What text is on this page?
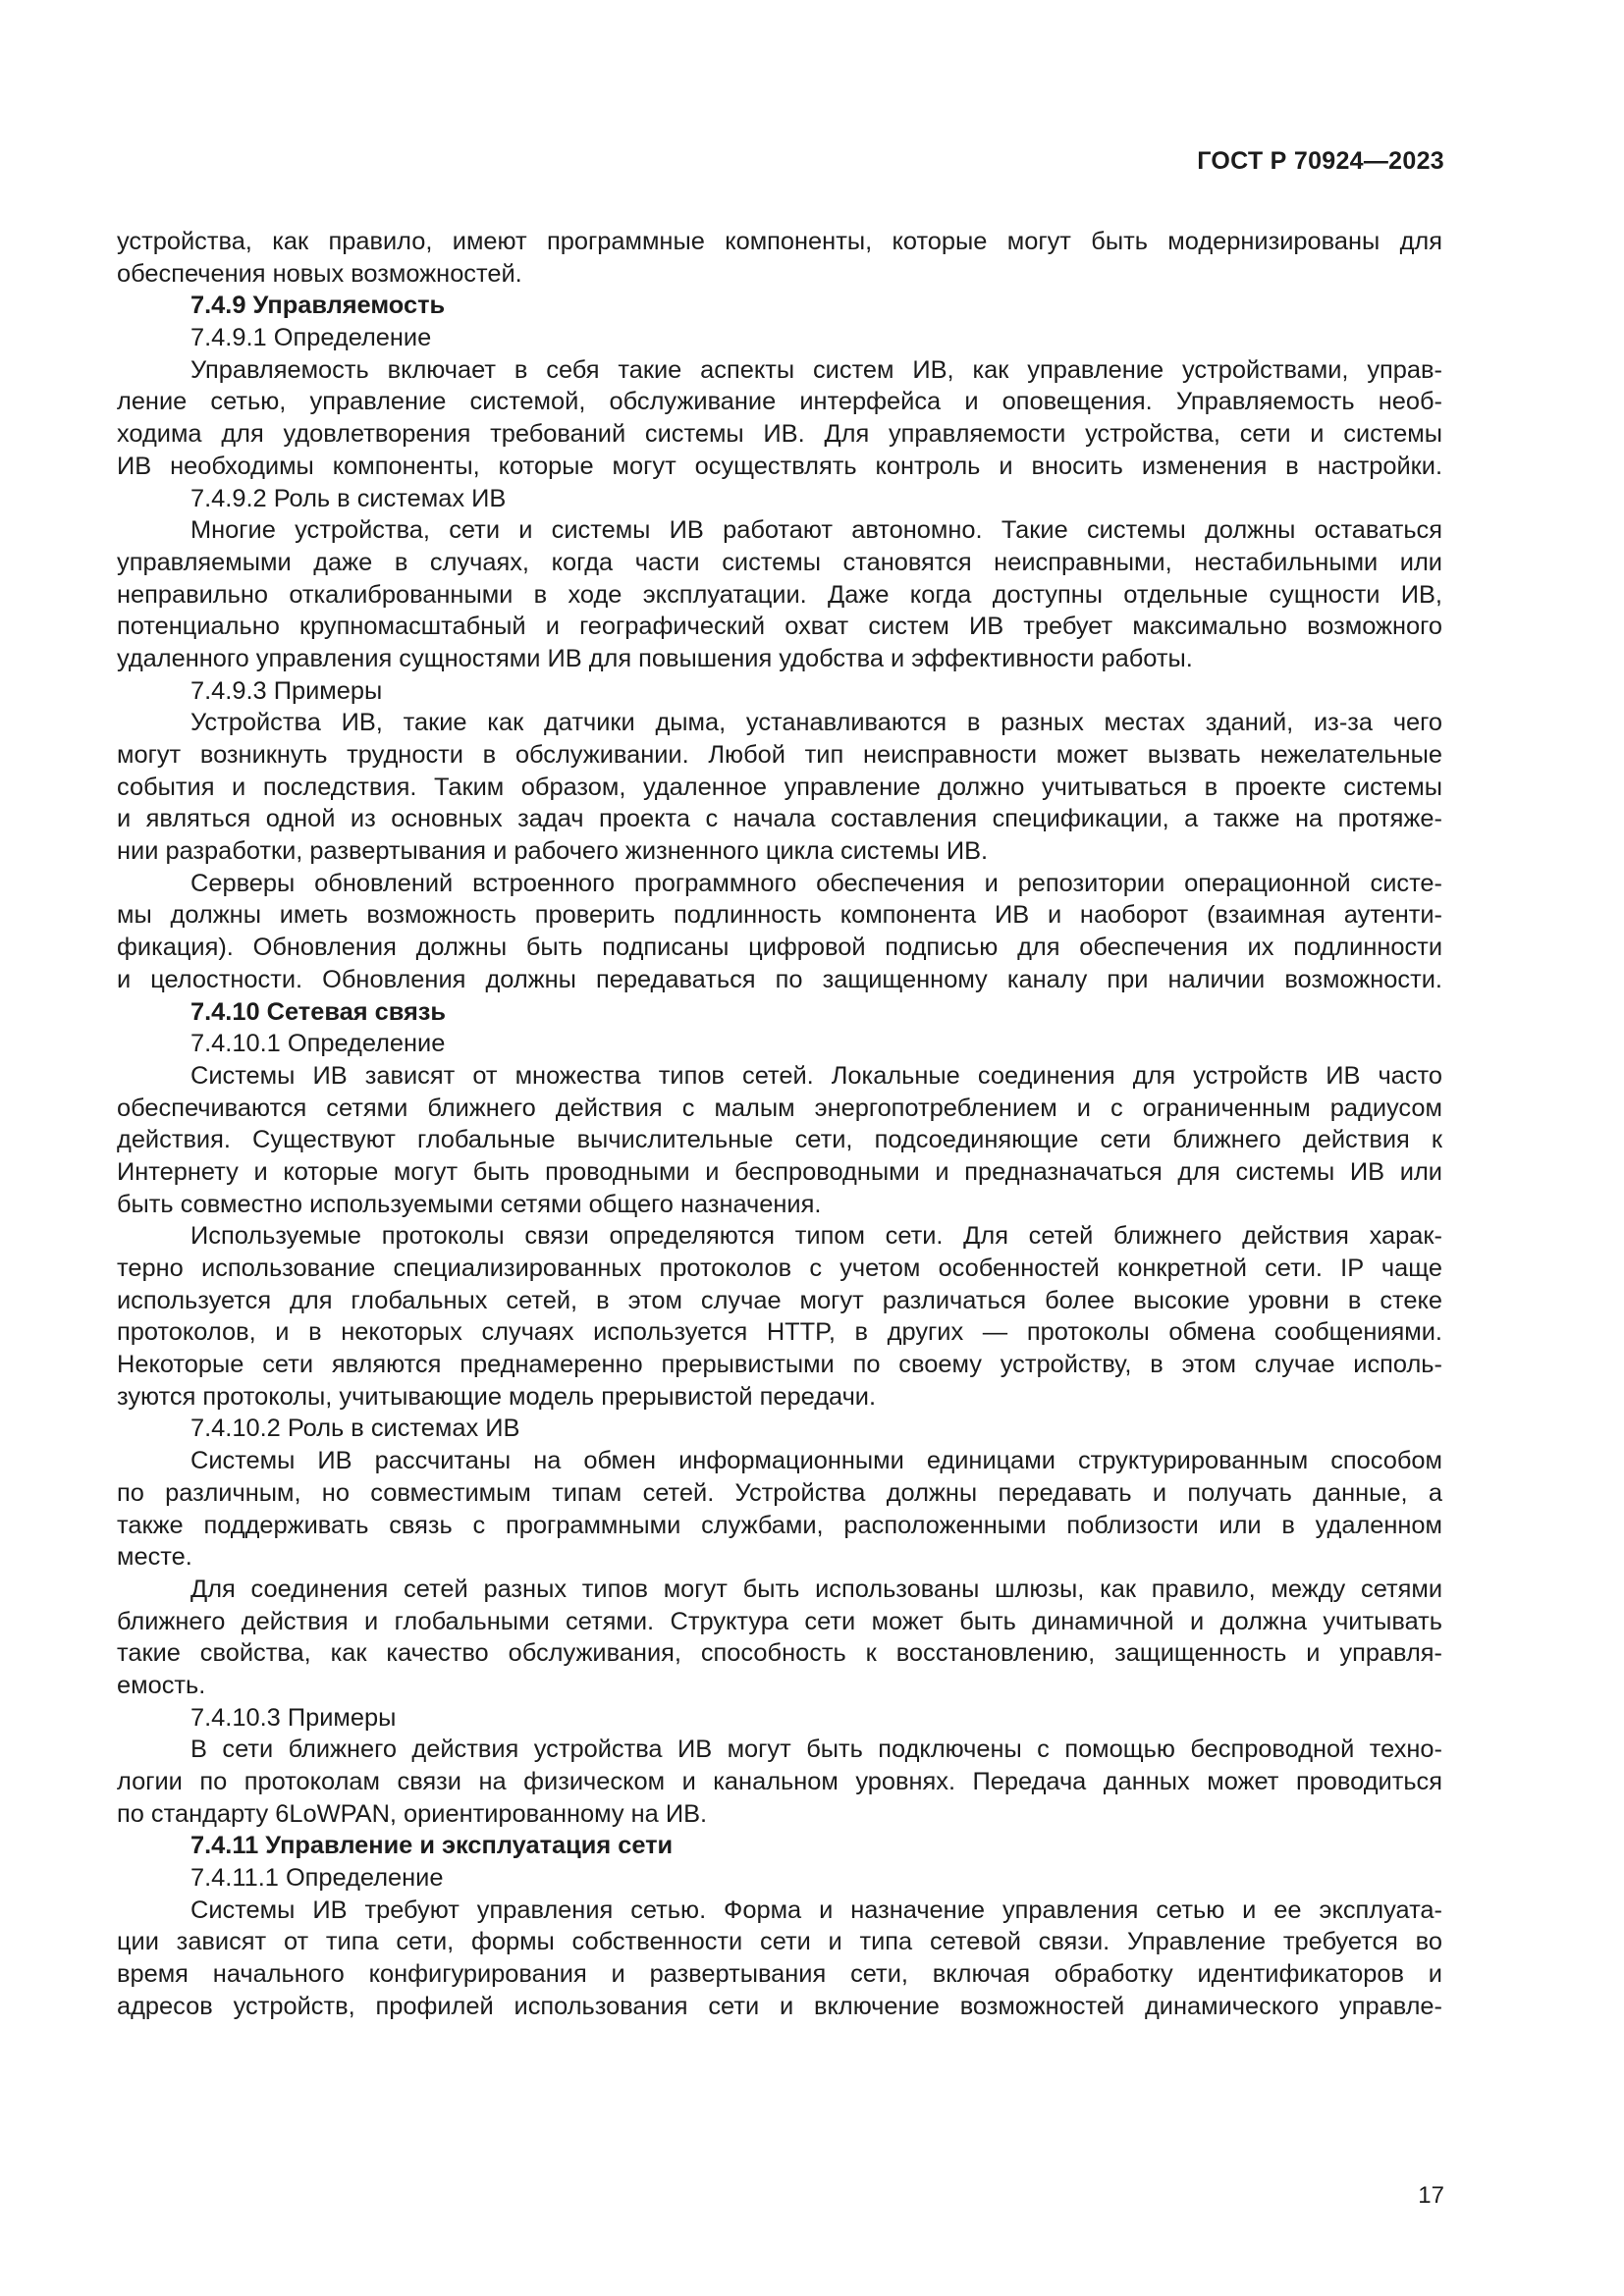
ГОСТ Р 70924—2023
устройства, как правило, имеют программные компоненты, которые могут быть модернизированы для
обеспечения новых возможностей.
7.4.9 Управляемость
7.4.9.1 Определение
Управляемость включает в себя такие аспекты систем ИВ, как управление устройствами, управ-
ление сетью, управление системой, обслуживание интерфейса и оповещения. Управляемость необ-
ходима для удовлетворения требований системы ИВ. Для управляемости устройства, сети и системы
ИВ необходимы компоненты, которые могут осуществлять контроль и вносить изменения в настройки.
7.4.9.2 Роль в системах ИВ
Многие устройства, сети и системы ИВ работают автономно. Такие системы должны оставаться
управляемыми даже в случаях, когда части системы становятся неисправными, нестабильными или
неправильно откалиброванными в ходе эксплуатации. Даже когда доступны отдельные сущности ИВ,
потенциально крупномасштабный и географический охват систем ИВ требует максимально возможного
удаленного управления сущностями ИВ для повышения удобства и эффективности работы.
7.4.9.3 Примеры
Устройства ИВ, такие как датчики дыма, устанавливаются в разных местах зданий, из-за чего
могут возникнуть трудности в обслуживании. Любой тип неисправности может вызвать нежелательные
события и последствия. Таким образом, удаленное управление должно учитываться в проекте системы
и являться одной из основных задач проекта с начала составления спецификации, а также на протяже-
нии разработки, развертывания и рабочего жизненного цикла системы ИВ.
Серверы обновлений встроенного программного обеспечения и репозитории операционной систе-
мы должны иметь возможность проверить подлинность компонента ИВ и наоборот (взаимная аутенти-
фикация). Обновления должны быть подписаны цифровой подписью для обеспечения их подлинности
и целостности. Обновления должны передаваться по защищенному каналу при наличии возможности.
7.4.10 Сетевая связь
7.4.10.1 Определение
Системы ИВ зависят от множества типов сетей. Локальные соединения для устройств ИВ часто
обеспечиваются сетями ближнего действия с малым энергопотреблением и с ограниченным радиусом
действия. Существуют глобальные вычислительные сети, подсоединяющие сети ближнего действия к
Интернету и которые могут быть проводными и беспроводными и предназначаться для системы ИВ или
быть совместно используемыми сетями общего назначения.
Используемые протоколы связи определяются типом сети. Для сетей ближнего действия харак-
терно использование специализированных протоколов с учетом особенностей конкретной сети. IP чаще
используется для глобальных сетей, в этом случае могут различаться более высокие уровни в стеке
протоколов, и в некоторых случаях используется HTTP, в других — протоколы обмена сообщениями.
Некоторые сети являются преднамеренно прерывистыми по своему устройству, в этом случае исполь-
зуются протоколы, учитывающие модель прерывистой передачи.
7.4.10.2 Роль в системах ИВ
Системы ИВ рассчитаны на обмен информационными единицами структурированным способом
по различным, но совместимым типам сетей. Устройства должны передавать и получать данные, а
также поддерживать связь с программными службами, расположенными поблизости или в удаленном
месте.
Для соединения сетей разных типов могут быть использованы шлюзы, как правило, между сетями
ближнего действия и глобальными сетями. Структура сети может быть динамичной и должна учитывать
такие свойства, как качество обслуживания, способность к восстановлению, защищенность и управля-
емость.
7.4.10.3 Примеры
В сети ближнего действия устройства ИВ могут быть подключены с помощью беспроводной техно-
логии по протоколам связи на физическом и канальном уровнях. Передача данных может проводиться
по стандарту 6LoWPAN, ориентированному на ИВ.
7.4.11 Управление и эксплуатация сети
7.4.11.1 Определение
Системы ИВ требуют управления сетью. Форма и назначение управления сетью и ее эксплуата-
ции зависят от типа сети, формы собственности сети и типа сетевой связи. Управление требуется во
время начального конфигурирования и развертывания сети, включая обработку идентификаторов и
адресов устройств, профилей использования сети и включение возможностей динамического управле-
17
